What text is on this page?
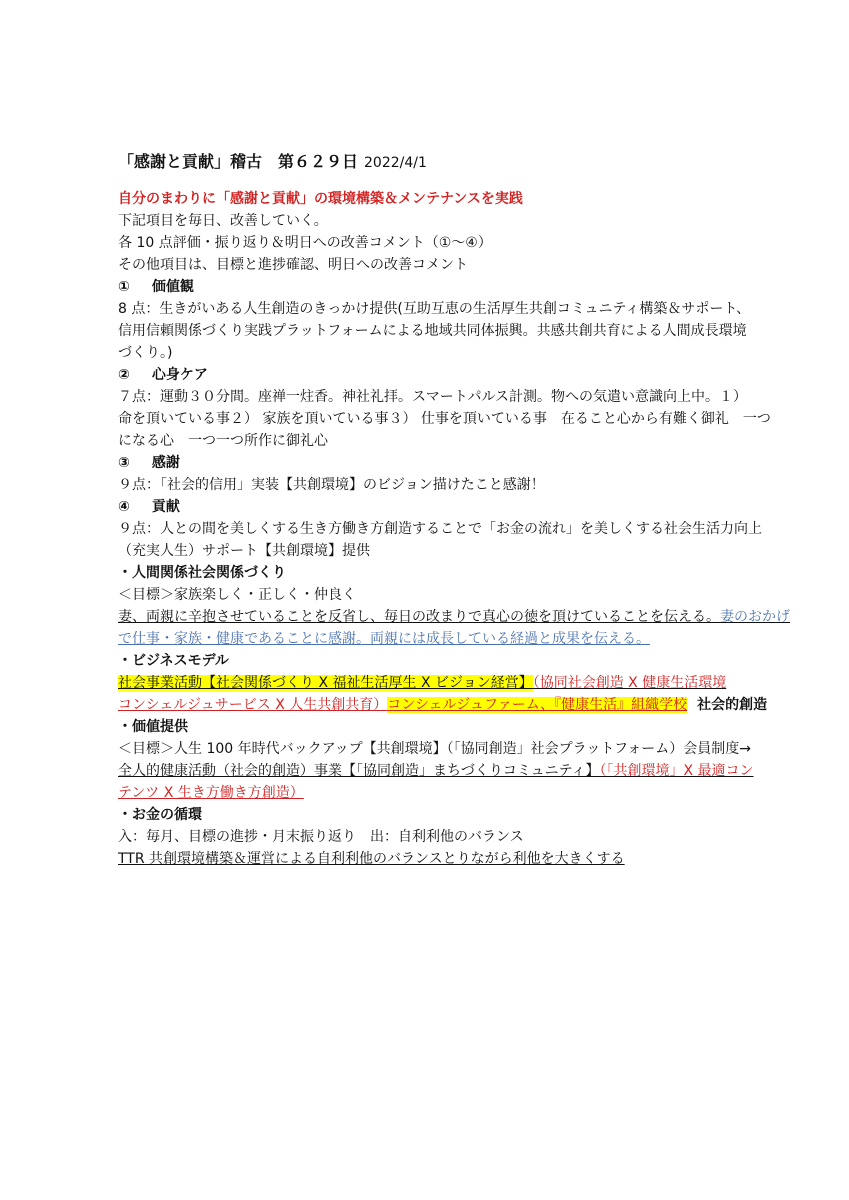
「感謝と貢献」稽古　第６２９日 2022/4/1
自分のまわりに「感謝と貢献」の環境構築＆メンテナンスを実践
下記項目を毎日、改善していく。
各 10 点評価・振り返り＆明日への改善コメント（①～④）
その他項目は、目標と進捗確認、明日への改善コメント
① 価値観
8 点：生きがいある人生創造のきっかけ提供(互助互恵の生活厚生共創コミュニティ構築＆サポート、
信用信頼関係づくり実践プラットフォームによる地域共同体振興。共感共創共育による人間成長環境
づくり。)
② 心身ケア
７点：運動３０分間。座禅一炷香。神社礼拝。スマートパルス計測。物への気遣い意識向上中。１）
命を頂いている事２） 家族を頂いている事３） 仕事を頂いている事　在ること心から有難く御礼　一つ
になる心　一つ一つ所作に御礼心
③ 感謝
９点：「社会的信用」実装【共創環境】のビジョン描けたこと感謝！
④ 貢献
９点：人との間を美しくする生き方働き方創造することで「お金の流れ」を美しくする社会生活力向上
（充実人生）サポート【共創環境】提供
・人間関係社会関係づくり
＜目標＞家族楽しく・正しく・仲良く
妻、両親に辛抱させていることを反省し、毎日の改まりで真心の徳を頂けていることを伝える。妻のおかげ
で仕事・家族・健康であることに感謝。両親には成長している経過と成果を伝える。
・ビジネスモデル
社会事業活動【社会関係づくり X 福祉生活厚生 X ビジョン経営】（協同社会創造 X 健康生活環境
コンシェルジュサービス X 人生共創共育）コンシェルジュファーム、『健康生活』組織学校 社会的創造
・価値提供
＜目標＞人生 100 年時代バックアップ【共創環境】（「協同創造」社会プラットフォーム）会員制度→
全人的健康活動（社会的創造）事業【「協同創造」まちづくりコミュニティ】（「共創環境」X 最適コン
テンツ X 生き方働き方創造）
・お金の循環
入：毎月、目標の進捗・月末振り返り　出：自利利他のバランス
TTR 共創環境構築＆運営による自利利他のバランスとりながら利他を大きくする
